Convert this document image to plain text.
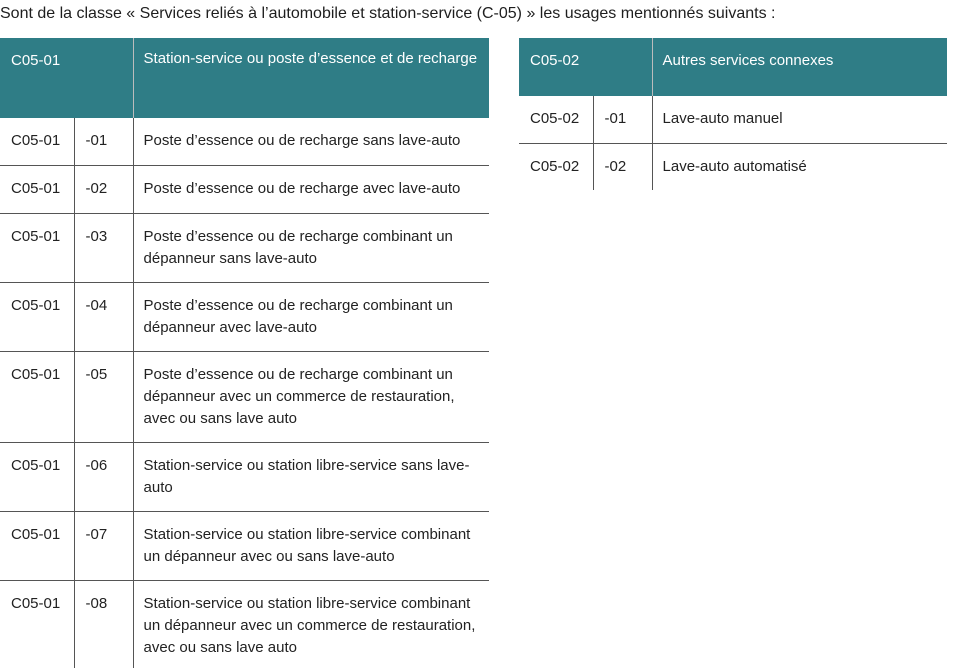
Sont de la classe « Services reliés à l’automobile et station-service (C-05) » les usages mentionnés suivants :
C05-01		Station-service ou poste d’essence et de recharge
C05-01	-01	Poste d’essence ou de recharge sans lave-auto
C05-01	-02	Poste d’essence ou de recharge avec lave-auto
C05-01	-03	Poste d’essence ou de recharge combinant un dépanneur sans lave-auto
C05-01	-04	Poste d’essence ou de recharge combinant un dépanneur avec lave-auto
C05-01	-05	Poste d’essence ou de recharge combinant un dépanneur avec un commerce de restauration, avec ou sans lave auto
C05-01	-06	Station-service ou station libre-service sans lave-auto
C05-01	-07	Station-service ou station libre-service combinant un dépanneur avec ou sans lave-auto
C05-01	-08	Station-service ou station libre-service combinant un dépanneur avec un commerce de restauration, avec ou sans lave auto
C05-02		Autres services connexes
C05-02	-01	Lave-auto manuel
C05-02	-02	Lave-auto automatisé
